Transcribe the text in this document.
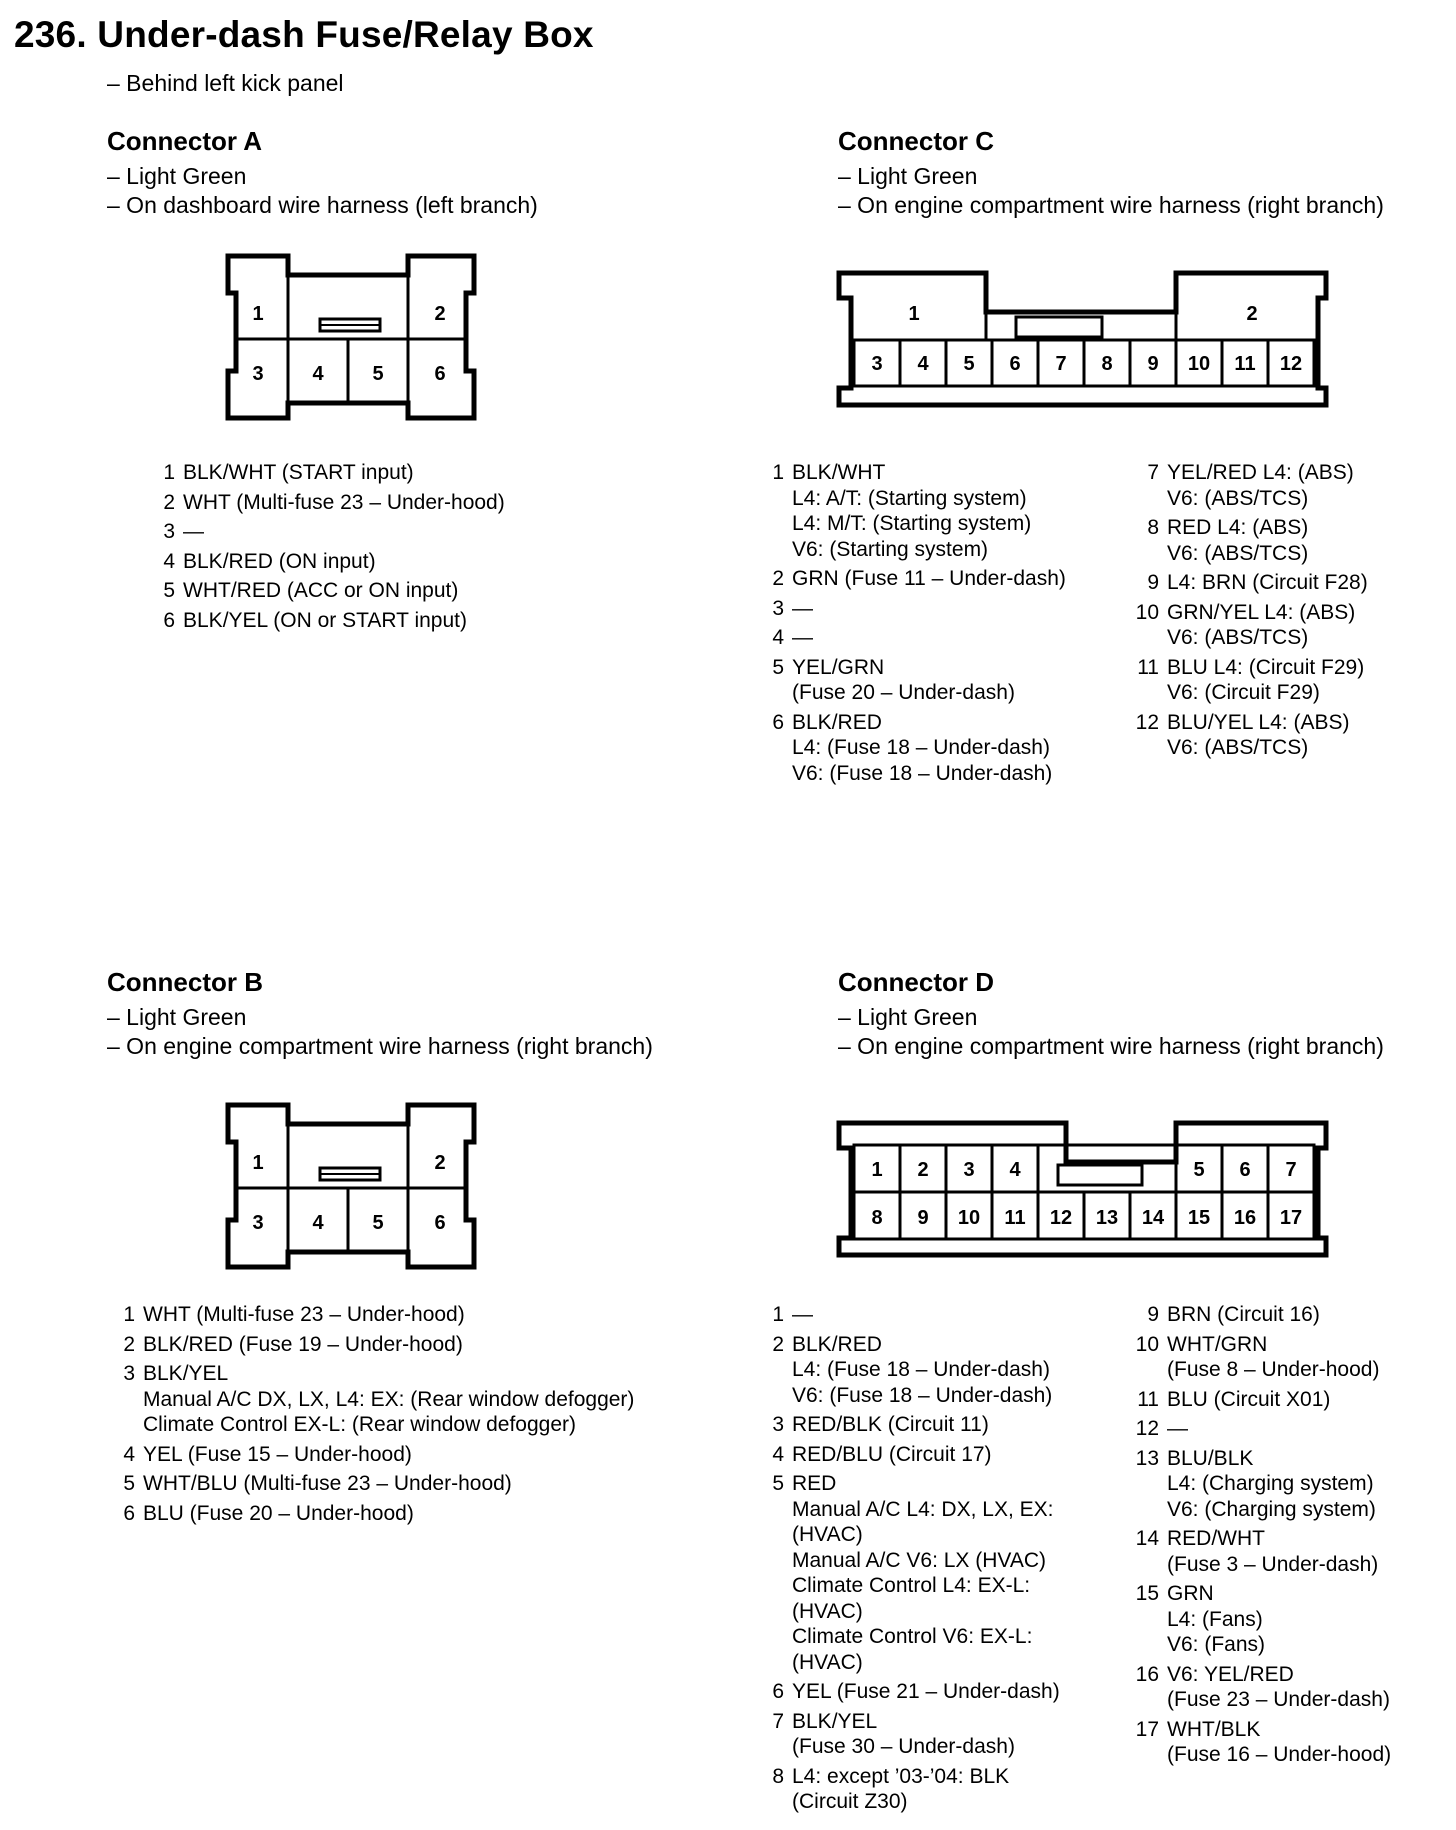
236. Under-dash Fuse/Relay Box
– Behind left kick panel
Connector A
– Light Green
– On dashboard wire harness (left branch)
1	2
3 4 5	6
1 BLK/WHT (START input)
2 WHT (Multi-fuse 23 – Under-hood)
3 —
4 BLK/RED (ON input)
5 WHT/RED (ACC or ON input)
6 BLK/YEL (ON or START input)
Connector B
– Light Green
– On engine compartment wire harness (right branch)
1	2
3 4 5	6
1 WHT (Multi-fuse 23 – Under-hood)
2 BLK/RED (Fuse 19 – Under-hood)
3 BLK/YEL
Manual A/C DX, LX, L4: EX: (Rear window defogger)
Climate Control EX-L: (Rear window defogger)
4 YEL (Fuse 15 – Under-hood)
5 WHT/BLU (Multi-fuse 23 – Under-hood)
6 BLU (Fuse 20 – Under-hood)
Connector C
– Light Green
– On engine compartment wire harness (right branch)
1	2
3 4 5 6 7 8 9 10 11 12
1 BLK/WHT
L4: A/T: (Starting system)
L4: M/T: (Starting system)
V6: (Starting system)
2 GRN (Fuse 11 – Under-dash)
3 —
4 —
5 YEL/GRN
(Fuse 20 – Under-dash)
6 BLK/RED
L4: (Fuse 18 – Under-dash)
V6: (Fuse 18 – Under-dash)
7 YEL/RED L4: (ABS)
V6: (ABS/TCS)
8 RED L4: (ABS)
V6: (ABS/TCS)
9 L4: BRN (Circuit F28)
10 GRN/YEL L4: (ABS)
V6: (ABS/TCS)
11 BLU L4: (Circuit F29)
V6: (Circuit F29)
12 BLU/YEL L4: (ABS)
V6: (ABS/TCS)
Connector D
– Light Green
– On engine compartment wire harness (right branch)
1 2 3 4	5 6 7
8 9 10 11 12 13 14 15 16 17
1 —
2 BLK/RED
L4: (Fuse 18 – Under-dash)
V6: (Fuse 18 – Under-dash)
3 RED/BLK (Circuit 11)
4 RED/BLU (Circuit 17)
5 RED
Manual A/C L4: DX, LX, EX:
(HVAC)
Manual A/C V6: LX (HVAC)
Climate Control L4: EX-L:
(HVAC)
Climate Control V6: EX-L:
(HVAC)
6 YEL (Fuse 21 – Under-dash)
7 BLK/YEL
(Fuse 30 – Under-dash)
8 L4: except ’03-’04: BLK
(Circuit Z30)
9 BRN (Circuit 16)
10 WHT/GRN
(Fuse 8 – Under-hood)
11 BLU (Circuit X01)
12 —
13 BLU/BLK
L4: (Charging system)
V6: (Charging system)
14 RED/WHT
(Fuse 3 – Under-dash)
15 GRN
L4: (Fans)
V6: (Fans)
16 V6: YEL/RED
(Fuse 23 – Under-dash)
17 WHT/BLK
(Fuse 16 – Under-hood)
